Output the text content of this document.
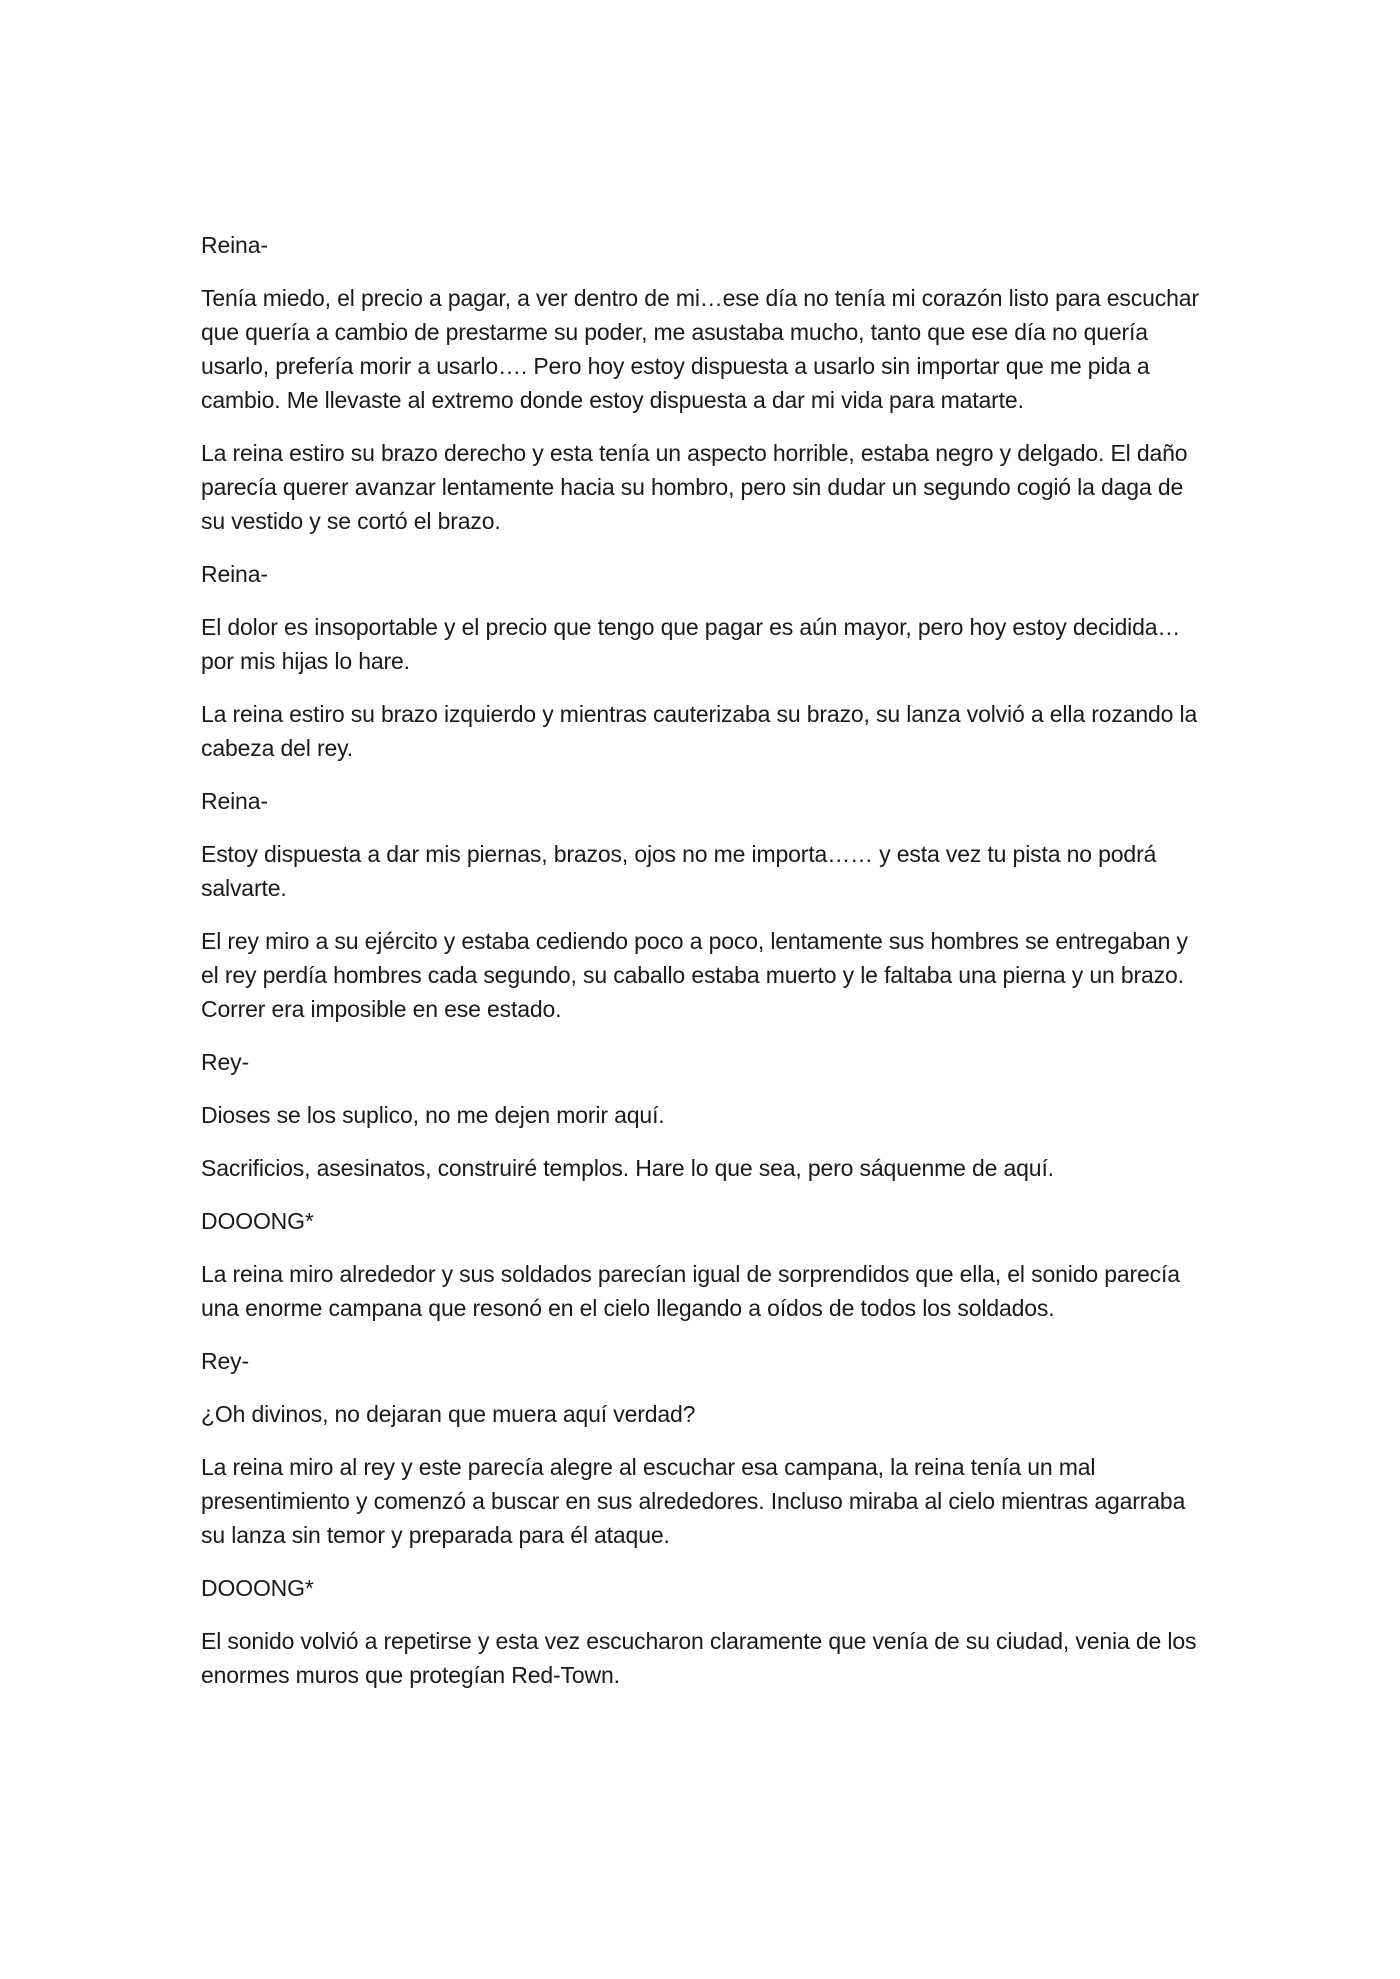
Reina-

Tenía miedo, el precio a pagar, a ver dentro de mi…ese día no tenía mi corazón listo para escuchar que quería a cambio de prestarme su poder, me asustaba mucho, tanto que ese día no quería usarlo, prefería morir a usarlo…. Pero hoy estoy dispuesta a usarlo sin importar que me pida a cambio. Me llevaste al extremo donde estoy dispuesta a dar mi vida para matarte.

La reina estiro su brazo derecho y esta tenía un aspecto horrible, estaba negro y delgado. El daño parecía querer avanzar lentamente hacia su hombro, pero sin dudar un segundo cogió la daga de su vestido y se cortó el brazo.

Reina-

El dolor es insoportable y el precio que tengo que pagar es aún mayor, pero hoy estoy decidida…por mis hijas lo hare.

La reina estiro su brazo izquierdo y mientras cauterizaba su brazo, su lanza volvió a ella rozando la cabeza del rey.

Reina-

Estoy dispuesta a dar mis piernas, brazos, ojos no me importa…… y esta vez tu pista no podrá salvarte.

El rey miro a su ejército y estaba cediendo poco a poco, lentamente sus hombres se entregaban y el rey perdía hombres cada segundo, su caballo estaba muerto y le faltaba una pierna y un brazo. Correr era imposible en ese estado.

Rey-

Dioses se los suplico, no me dejen morir aquí.

Sacrificios, asesinatos, construiré templos. Hare lo que sea, pero sáquenme de aquí.

DOOONG*

La reina miro alrededor y sus soldados parecían igual de sorprendidos que ella, el sonido parecía una enorme campana que resonó en el cielo llegando a oídos de todos los soldados.

Rey-

¿Oh divinos, no dejaran que muera aquí verdad?

La reina miro al rey y este parecía alegre al escuchar esa campana, la reina tenía un mal presentimiento y comenzó a buscar en sus alrededores. Incluso miraba al cielo mientras agarraba su lanza sin temor y preparada para él ataque.

DOOONG*

El sonido volvió a repetirse y esta vez escucharon claramente que venía de su ciudad, venia de los enormes muros que protegían Red-Town.
